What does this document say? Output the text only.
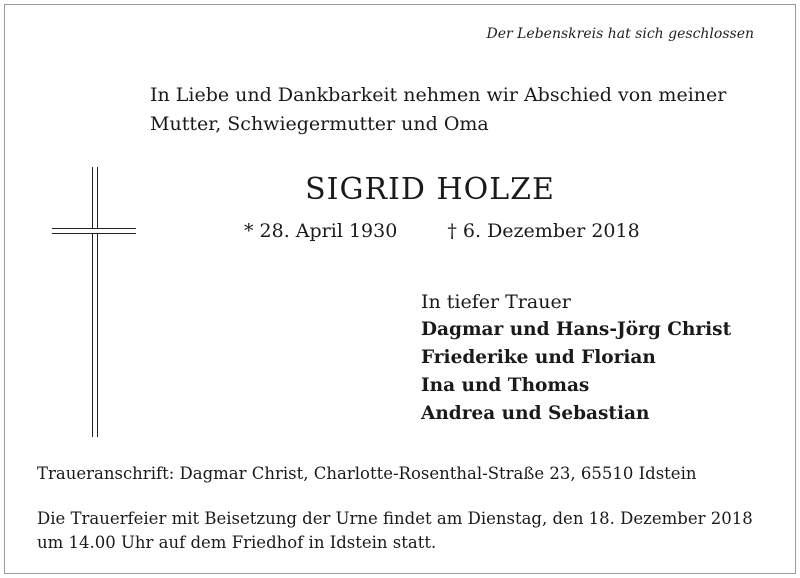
Der Lebenskreis hat sich geschlossen
In Liebe und Dankbarkeit nehmen wir Abschied von meiner
Mutter, Schwiegermutter und Oma
SIGRID HOLZE
* 28. April 1930	† 6. Dezember 2018
In tiefer Trauer
Dagmar und Hans-Jörg Christ
Friederike und Florian
Ina und Thomas
Andrea und Sebastian
Traueranschrift: Dagmar Christ, Charlotte-Rosenthal-Straße 23, 65510 Idstein
Die Trauerfeier mit Beisetzung der Urne findet am Dienstag, den 18. Dezember 2018
um 14.00 Uhr auf dem Friedhof in Idstein statt.
